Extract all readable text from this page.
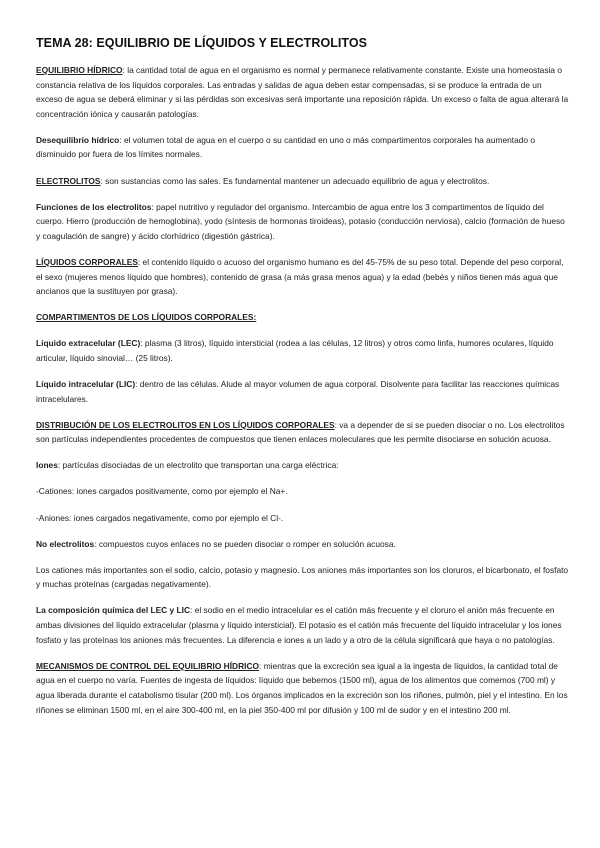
TEMA 28: EQUILIBRIO DE LÍQUIDOS Y ELECTROLITOS

EQUILIBRIO HÍDRICO: la cantidad total de agua en el organismo es normal y permanece relativamente constante. Existe una homeostasia o constancia relativa de los líquidos corporales. Las entradas y salidas de agua deben estar compensadas, si se produce la entrada de un exceso de agua se deberá eliminar y si las pérdidas son excesivas será importante una reposición rápida. Un exceso o falta de agua alterará la concentración iónica y causarán patologías.

Desequilibrio hídrico: el volumen total de agua en el cuerpo o su cantidad en uno o más compartimentos corporales ha aumentado o disminuido por fuera de los límites normales.

ELECTROLITOS: son sustancias como las sales. Es fundamental mantener un adecuado equilibrio de agua y electrolitos.

Funciones de los electrolitos: papel nutritivo y regulador del organismo. Intercambio de agua entre los 3 compartimentos de líquido del cuerpo. Hierro (producción de hemoglobina), yodo (síntesis de hormonas tiroideas), potasio (conducción nerviosa), calcio (formación de hueso y coagulación de sangre) y ácido clorhídrico (digestión gástrica).

LÍQUIDOS CORPORALES: el contenido líquido o acuoso del organismo humano es del 45-75% de su peso total. Depende del peso corporal, el sexo (mujeres menos líquido que hombres), contenido de grasa (a más grasa menos agua) y la edad (bebés y niños tienen más agua que ancianos que la sustituyen por grasa).

COMPARTIMENTOS DE LOS LÍQUIDOS CORPORALES:

Líquido extracelular (LEC): plasma (3 litros), líquido intersticial (rodea a las células, 12 litros) y otros como linfa, humores oculares, líquido articular, líquido sinovial… (25 litros).

Líquido intracelular (LIC): dentro de las células. Alude al mayor volumen de agua corporal. Disolvente para facilitar las reacciones químicas intracelulares.

DISTRIBUCIÓN DE LOS ELECTROLITOS EN LOS LÍQUIDOS CORPORALES: va a depender de si se pueden disociar o no. Los electrolitos son partículas independientes procedentes de compuestos que tienen enlaces moleculares que les permite disociarse en solución acuosa.

Iones: partículas disociadas de un electrolito que transportan una carga eléctrica:

-Cationes: iones cargados positivamente, como por ejemplo el Na+.

-Aniones: iones cargados negativamente, como por ejemplo el Cl-.

No electrolitos: compuestos cuyos enlaces no se pueden disociar o romper en solución acuosa.

Los cationes más importantes son el sodio, calcio, potasio y magnesio. Los aniones más importantes son los cloruros, el bicarbonato, el fosfato y muchas proteínas (cargadas negativamente).

La composición química del LEC y LIC: el sodio en el medio intracelular es el catión más frecuente y el cloruro el anión más frecuente en ambas divisiones del líquido extracelular (plasma y líquido intersticial). El potasio es el catión más frecuente del líquido intracelular y los iones fosfato y las proteínas los aniones más frecuentes. La diferencia e iones a un lado y a otro de la célula significará que haya o no patologías.

MECANISMOS DE CONTROL DEL EQUILIBRIO HÍDRICO: mientras que la excreción sea igual a la ingesta de líquidos, la cantidad total de agua en el cuerpo no varía. Fuentes de ingesta de líquidos: líquido que bebemos (1500 ml), agua de los alimentos que comemos (700 ml) y agua liberada durante el catabolismo tisular (200 ml). Los órganos implicados en la excreción son los riñones, pulmón, piel y el intestino. En los riñones se eliminan 1500 ml, en el aire 300-400 ml, en la piel 350-400 ml por difusión y 100 ml de sudor y en el intestino 200 ml.
